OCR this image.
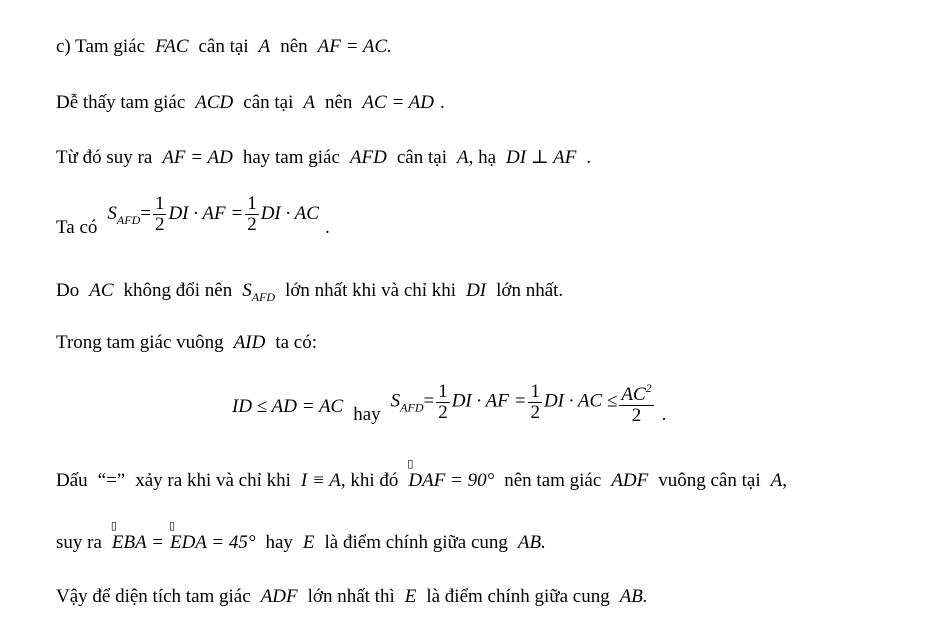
c) Tam giác FAC cân tại A nên AF = AC.
Dễ thấy tam giác ACD cân tại A nên AC = AD .
Từ đó suy ra AF = AD hay tam giác AFD cân tại A, hạ DI ⊥ AF .
Ta cóS$_{AFD}$= $\frac{1}{2}$ DI · AF = $\frac{1}{2}$ DI · AC.
Do AC không đổi nên $S_{AFD}$ lớn nhất khi và chỉ khi DI lớn nhất.
Trong tam giác vuông AID ta có:
ID ≤ AD = AC hayS$_{AFD}$= $\frac{1}{2}$ DI · AF = $\frac{1}{2}$ DI · AC ≤ $\frac{AC^2}{2}$ .
Dấu “=” xảy ra khi và chỉ khi I ≡ A, khi đó
▯
DAF = 90° nên tam giác ADF vuông cân tại A,
suy ra
▯
EBA =
▯
EDA = 45° hay E là điểm chính giữa cung AB.
Vậy để diện tích tam giác ADF lớn nhất thì E là điểm chính giữa cung AB.
